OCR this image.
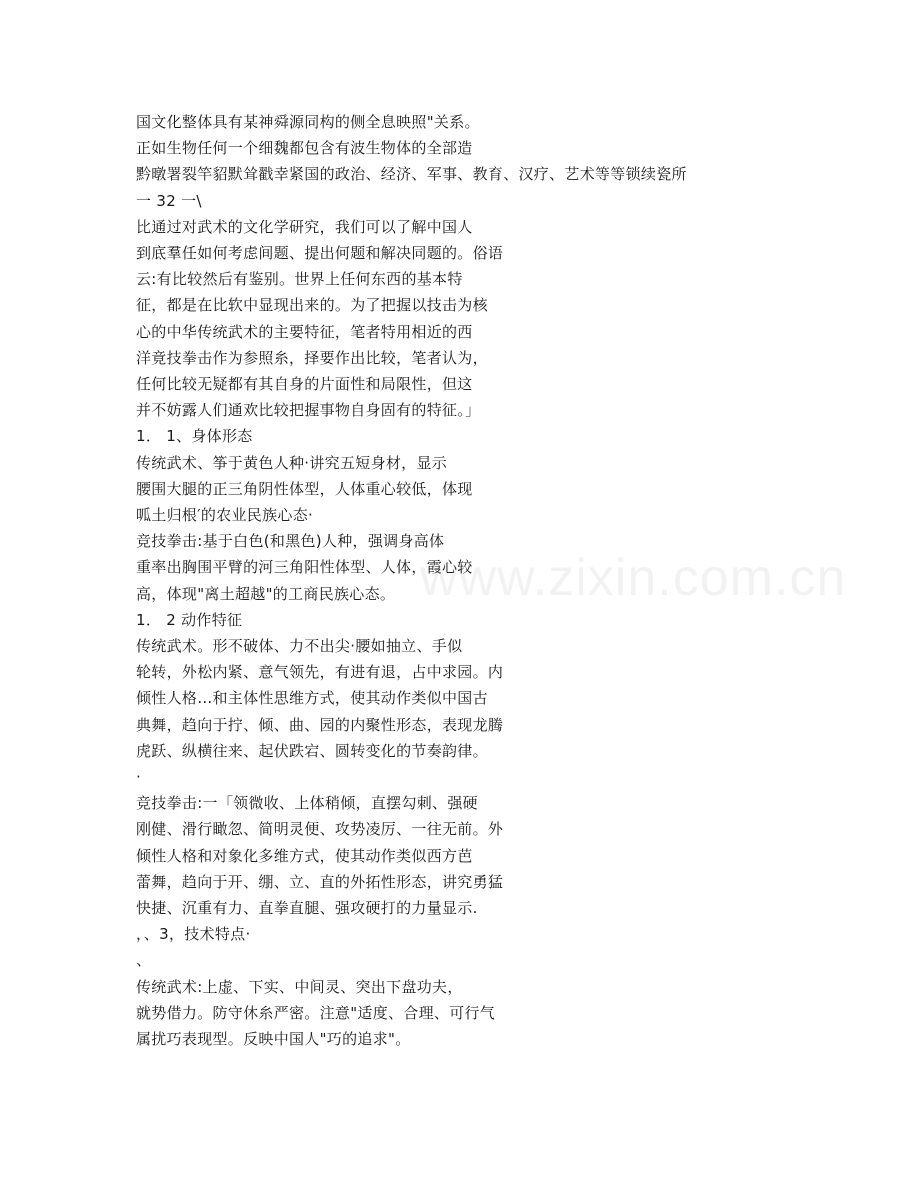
www.zixin.com.cn
国文化整体具有某神舜源同构的侧全息映照"关系。
正如生物任何一个细魏都包含有波生物体的全部造
黔暾署裂竿貂默耸戳幸紧国的政治、经济、军事、教育、汉疗、艺术等等锁续瓷所
一 32 一\
比通过对武术的文化学研究，我们可以了解中国人
到底羣任如何考虑间题、提出何题和解决同题的。俗语
云:有比较然后有鉴别。世界上任何东西的基本特
征，都是在比软中显现出来的。为了把握以技击为核
心的中华传统武术的主要特征，笔者特用相近的西
洋竟技拳击作为参照糸，择要作出比较，笔者认为，
任何比较无疑都有其自身的片面性和局限性，但这
并不妨露人们通欢比较把握事物自身固有的特征。」
1． 1、身体形态
传统武术、筝于黄色人种·讲究五短身材，显示
腰围大腿的正三角阴性体型，人体重心较低，体现
呱土归根′的农业民族心态·
竞技拳击:基于白色(和黑色)人种，强调身高体
重率出胸围平臂的河三角阳性体型、人体，霞心较
高，体现"离土超越"的工商民族心态。
1． 2 动作特征
传统武术。形不破体、力不出尖·腰如抽立、手似
轮转，外松内紧、意气领先，有进有退，占中求园。内
倾性人格…和主体性思维方式，使其动作类似中国古
典舞，趋向于拧、倾、曲、园的内聚性形态，表现龙腾
虎跃、纵横往来、起伏跌宕、圆转变化的节奏韵律。
·
竞技拳击:一「领微收、上体稍倾，直摆勾刺、强硬
刚健、滑行瞰忽、简明灵便、攻势凌厉、一往无前。外
倾性人格和对象化多维方式，使其动作类似西方芭
蕾舞，趋向于开、绷、立、直的外拓性形态，讲究勇猛
快捷、沉重有力、直拳直腿、强攻硬打的力量显示.
，、3，技术特点·
、
传统武术:上虚、下实、中间灵、突出下盘功夫，
就势借力。防守休糸严密。注意"适度、合理、可行气
属扰巧表现型。反映中国人"巧的追求"。
